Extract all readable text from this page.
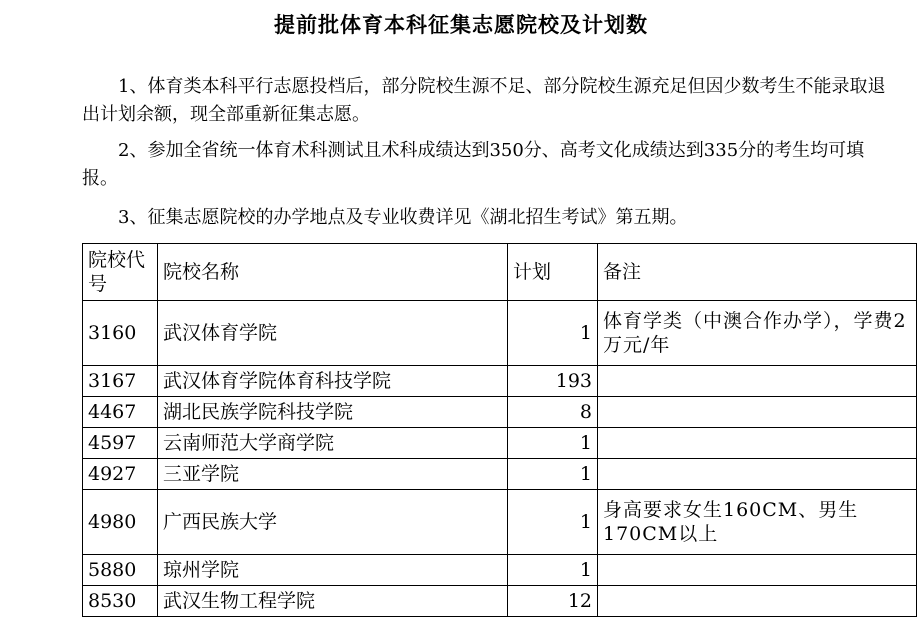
提前批体育本科征集志愿院校及计划数

1、体育类本科平行志愿投档后，部分院校生源不足、部分院校生源充足但因少数考生不能录取退出计划余额，现全部重新征集志愿。

2、参加全省统一体育术科测试且术科成绩达到350分、高考文化成绩达到335分的考生均可填报。

3、征集志愿院校的办学地点及专业收费详见《湖北招生考试》第五期。

院校代号	院校名称	计划	备注
3160	武汉体育学院	1	体育学类（中澳合作办学），学费2万元/年
3167	武汉体育学院体育科技学院	193	
4467	湖北民族学院科技学院	8	
4597	云南师范大学商学院	1	
4927	三亚学院	1	
4980	广西民族大学	1	身高要求女生160CM、男生170CM以上
5880	琼州学院	1	
8530	武汉生物工程学院	12	
